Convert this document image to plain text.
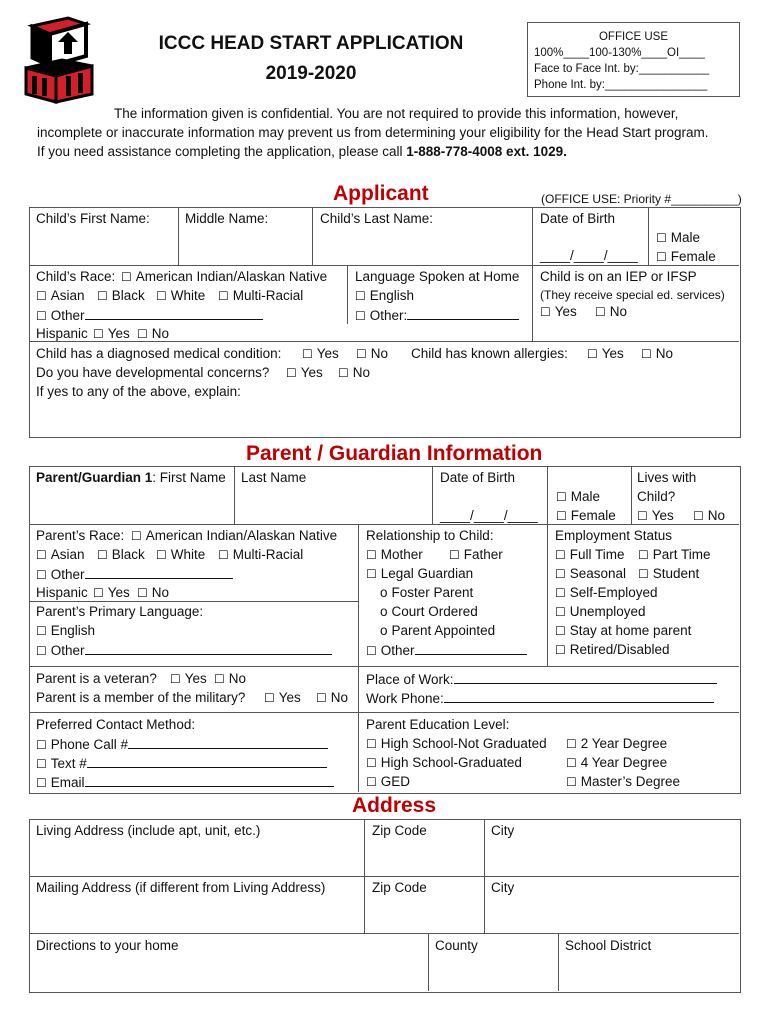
ICCC HEAD START APPLICATION
2019-2020
OFFICE USE
100%____100-130%____OI____
Face to Face Int. by:___________
Phone Int. by:________________

The information given is confidential. You are not required to provide this information, however,

incomplete or inaccurate information may prevent us from determining your eligibility for the Head Start program.

If you need assistance completing the application, please call 1-888-778-4008 ext. 1029.

Applicant	(OFFICE USE: Priority #__________)
Child’s First Name:	Middle Name:	Child’s Last Name:	Date of Birth
____/____/____
☐ Male
☐ Female
Child’s Race:	☐ American Indian/Alaskan Native
☐ Asian	☐ Black	☐ White	☐ Multi-Racial
☐ Other
Hispanic	☐ Yes	☐ No
Language Spoken at Home
☐ English
☐ Other:
Child is on an IEP or IFSP
(They receive special ed. services)
☐ Yes	☐ No
Child has a diagnosed medical condition:	☐ Yes	☐ No Child has known allergies:	☐ Yes	☐ No
Do you have developmental concerns?	☐ Yes	☐ No
If yes to any of the above, explain:
Parent / Guardian Information
Parent/Guardian 1: First Name Last Name	Date of Birth
____/____/____
☐ Male
☐ Female
Lives with
Child?
☐ Yes	☐ No
Parent’s Race:	☐ American Indian/Alaskan Native
☐ Asian	☐ Black	☐ White	☐ Multi-Racial
☐ Other
Hispanic	☐ Yes	☐ No
Parent’s Primary Language:
☐ English
☐ Other
Relationship to Child:
☐ Mother	☐ Father
☐ Legal Guardian
o Foster Parent
o Court Ordered
o Parent Appointed
☐ Other
Employment Status
☐ Full Time	☐ Part Time
☐ Seasonal	☐ Student
☐ Self-Employed
☐ Unemployed
☐ Stay at home parent
☐ Retired/Disabled
Parent is a veteran?	☐ Yes	☐ No
Parent is a member of the military?	☐ Yes	☐ No
Place of Work:
Work Phone:
Preferred Contact Method:
☐ Phone Call #
☐ Text #
☐ Email
Parent Education Level:
☐ High School-Not Graduated
☐ High School-Graduated
☐ GED
☐ 2 Year Degree
☐ 4 Year Degree
☐ Master’s Degree
Address
Living Address (include apt, unit, etc.)	Zip Code	City
Mailing Address (if different from Living Address)	Zip Code	City
Directions to your home	County	School District
